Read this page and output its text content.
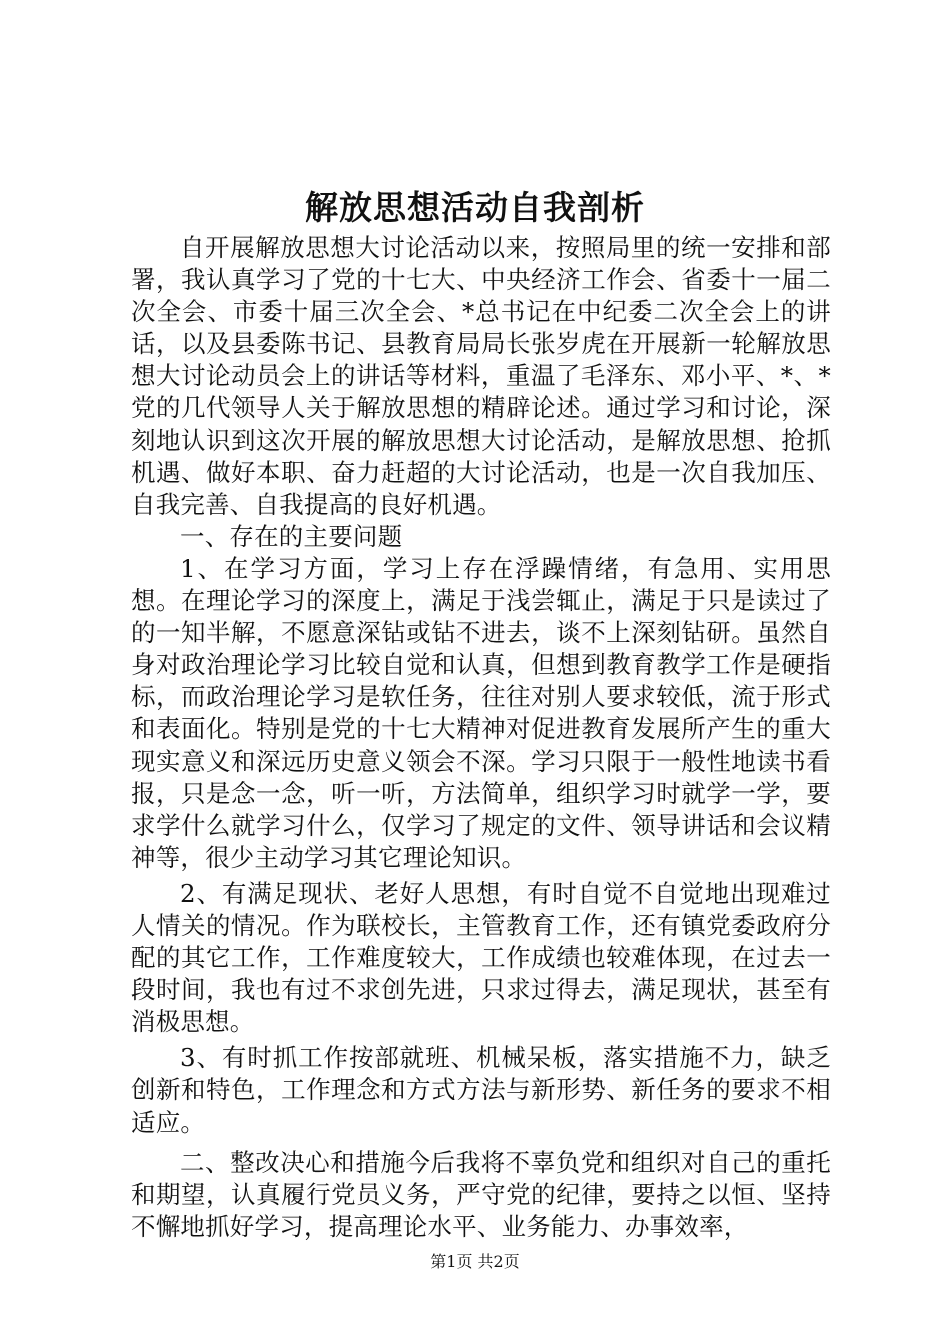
解放思想活动自我剖析

自开展解放思想大讨论活动以来，按照局里的统一安排和部署，我认真学习了党的十七大、中央经济工作会、省委十一届二次全会、市委十届三次全会、*总书记在中纪委二次全会上的讲话，以及县委陈书记、县教育局局长张岁虎在开展新一轮解放思想大讨论动员会上的讲话等材料，重温了毛泽东、邓小平、*、*党的几代领导人关于解放思想的精辟论述。通过学习和讨论，深刻地认识到这次开展的解放思想大讨论活动，是解放思想、抢抓机遇、做好本职、奋力赶超的大讨论活动，也是一次自我加压、自我完善、自我提高的良好机遇。

一、存在的主要问题

1、在学习方面，学习上存在浮躁情绪，有急用、实用思想。在理论学习的深度上，满足于浅尝辄止，满足于只是读过了的一知半解，不愿意深钻或钻不进去，谈不上深刻钻研。虽然自身对政治理论学习比较自觉和认真，但想到教育教学工作是硬指标，而政治理论学习是软任务，往往对别人要求较低，流于形式和表面化。特别是党的十七大精神对促进教育发展所产生的重大现实意义和深远历史意义领会不深。学习只限于一般性地读书看报，只是念一念，听一听，方法简单，组织学习时就学一学，要求学什么就学习什么，仅学习了规定的文件、领导讲话和会议精神等，很少主动学习其它理论知识。

2、有满足现状、老好人思想，有时自觉不自觉地出现难过人情关的情况。作为联校长，主管教育工作，还有镇党委政府分配的其它工作，工作难度较大，工作成绩也较难体现，在过去一段时间，我也有过不求创先进，只求过得去，满足现状，甚至有消极思想。

3、有时抓工作按部就班、机械呆板，落实措施不力，缺乏创新和特色，工作理念和方式方法与新形势、新任务的要求不相适应。

二、整改决心和措施今后我将不辜负党和组织对自己的重托和期望，认真履行党员义务，严守党的纪律，要持之以恒、坚持不懈地抓好学习，提高理论水平、业务能力、办事效率，

第1页 共2页
